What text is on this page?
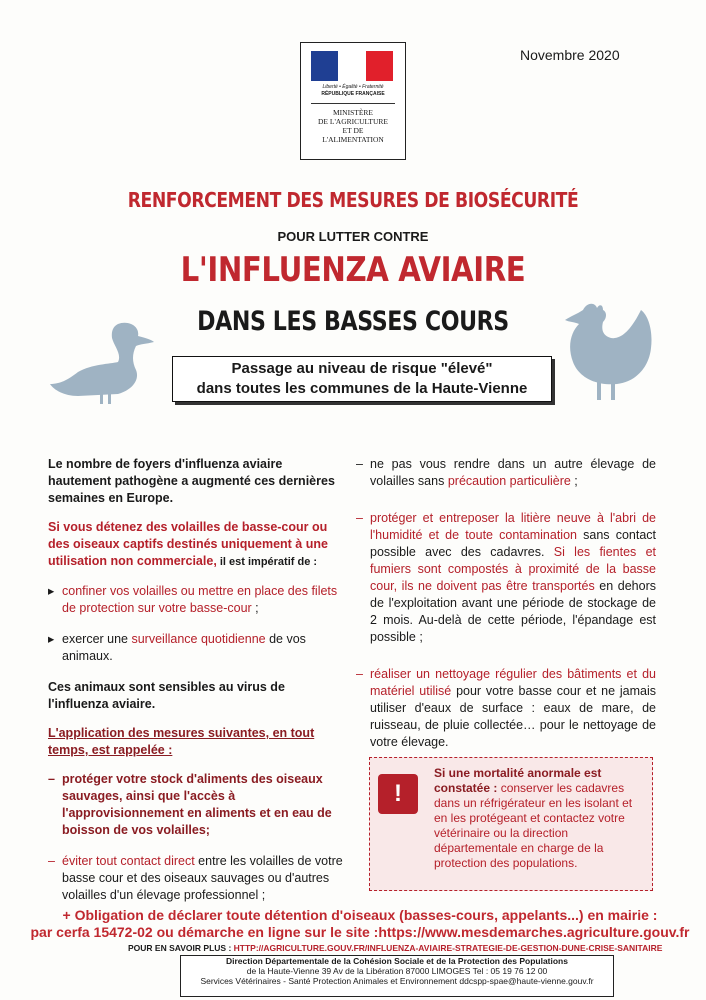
Liberté • Égalité • Fraternité
RÉPUBLIQUE FRANÇAISE
MINISTÈRE
DE L'AGRICULTURE
ET DE
L'ALIMENTATION
Novembre 2020
RENFORCEMENT DES MESURES DE BIOSÉCURITÉ
POUR LUTTER CONTRE
L'INFLUENZA AVIAIRE
DANS LES BASSES COURS
Passage au niveau de risque "élevé"
dans toutes les communes de la Haute-Vienne

Le nombre de foyers d'influenza aviaire hautement pathogène a augmenté ces dernières semaines en Europe.

Si vous détenez des volailles de basse-cour ou des oiseaux captifs destinés uniquement à une utilisation non commerciale, il est impératif de :

▸ confiner vos volailles ou mettre en place des filets de protection sur votre basse-cour ;
▸ exercer une surveillance quotidienne de vos animaux.

Ces animaux sont sensibles au virus de l'influenza aviaire.

L'application des mesures suivantes, en tout temps, est rappelée :

– protéger votre stock d'aliments des oiseaux sauvages, ainsi que l'accès à l'approvisionnement en aliments et en eau de boisson de vos volailles;
– éviter tout contact direct entre les volailles de votre basse cour et des oiseaux sauvages ou d'autres volailles d'un élevage professionnel ;
– ne pas vous rendre dans un autre élevage de volailles sans précaution particulière ;
– protéger et entreposer la litière neuve à l'abri de l'humidité et de toute contamination sans contact possible avec des cadavres. Si les fientes et fumiers sont compostés à proximité de la basse cour, ils ne doivent pas être transportés en dehors de l'exploitation avant une période de stockage de 2 mois. Au-delà de cette période, l'épandage est possible ;
– réaliser un nettoyage régulier des bâtiments et du matériel utilisé pour votre basse cour et ne jamais utiliser d'eaux de surface : eaux de mare, de ruisseau, de pluie collectée… pour le nettoyage de votre élevage.
!
Si une mortalité anormale est constatée : conserver les cadavres dans un réfrigérateur en les isolant et en les protégeant et contactez votre vétérinaire ou la direction départementale en charge de la protection des populations.
+ Obligation de déclarer toute détention d'oiseaux (basses-cours, appelants...) en mairie :
par cerfa 15472-02 ou démarche en ligne sur le site :https://www.mesdemarches.agriculture.gouv.fr
POUR EN SAVOIR PLUS : HTTP://AGRICULTURE.GOUV.FR/INFLUENZA-AVIAIRE-STRATEGIE-DE-GESTION-DUNE-CRISE-SANITAIRE
Direction Départementale de la Cohésion Sociale et de la Protection des Populations
de la Haute-Vienne 39 Av de la Libération 87000 LIMOGES Tel : 05 19 76 12 00
Services Vétérinaires - Santé Protection Animales et Environnement ddcspp-spae@haute-vienne.gouv.fr
